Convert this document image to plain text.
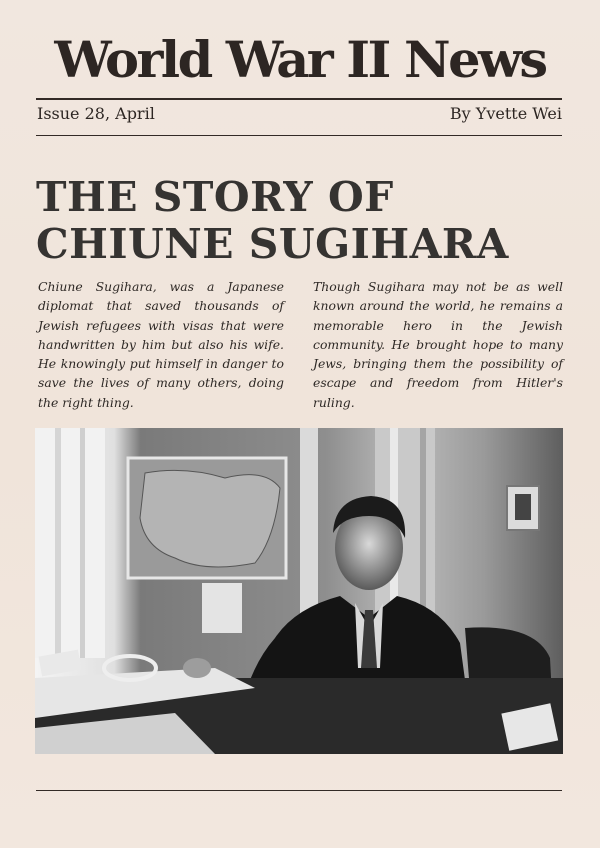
World War II News
Issue 28, April	By Yvette Wei
THE STORY OF
CHIUNE SUGIHARA
Chiune Sugihara, was a Japanese diplomat that saved thousands of Jewish refugees with visas that were handwritten by him but also his wife. He knowingly put himself in danger to save the lives of many others, doing the right thing.
Though Sugihara may not be as well known around the world, he remains a memorable hero in the Jewish community. He brought hope to many Jews, bringing them the possibility of escape and freedom from Hitler's ruling.
